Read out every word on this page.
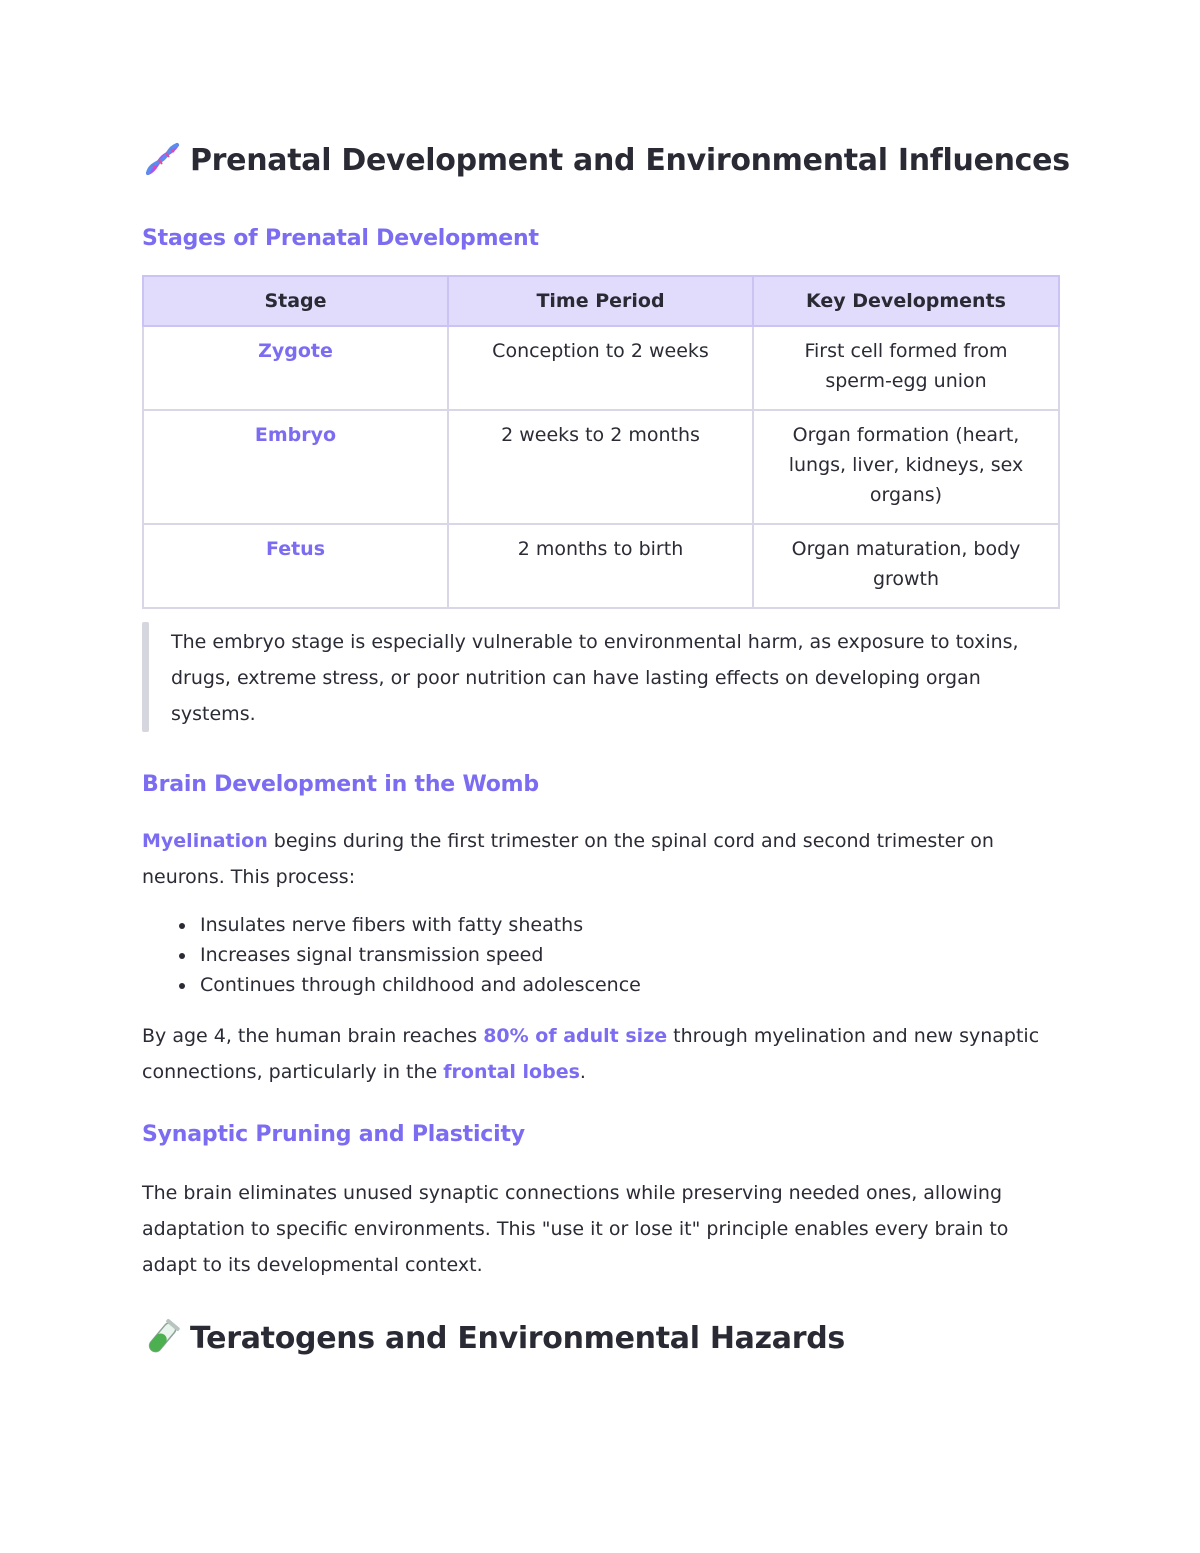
Prenatal Development and Environmental Influences
Stages of Prenatal Development
Stage	Time Period	Key Developments
Zygote	Conception to 2 weeks	First cell formed from sperm-egg union
Embryo	2 weeks to 2 months	Organ formation (heart, lungs, liver, kidneys, sex organs)
Fetus	2 months to birth	Organ maturation, body growth
The embryo stage is especially vulnerable to environmental harm, as exposure to toxins, drugs, extreme stress, or poor nutrition can have lasting effects on developing organ systems.
Brain Development in the Womb
Myelination begins during the first trimester on the spinal cord and second trimester on neurons. This process:
Insulates nerve fibers with fatty sheaths
Increases signal transmission speed
Continues through childhood and adolescence
By age 4, the human brain reaches 80% of adult size through myelination and new synaptic connections, particularly in the frontal lobes.
Synaptic Pruning and Plasticity
The brain eliminates unused synaptic connections while preserving needed ones, allowing adaptation to specific environments. This "use it or lose it" principle enables every brain to adapt to its developmental context.
Teratogens and Environmental Hazards
